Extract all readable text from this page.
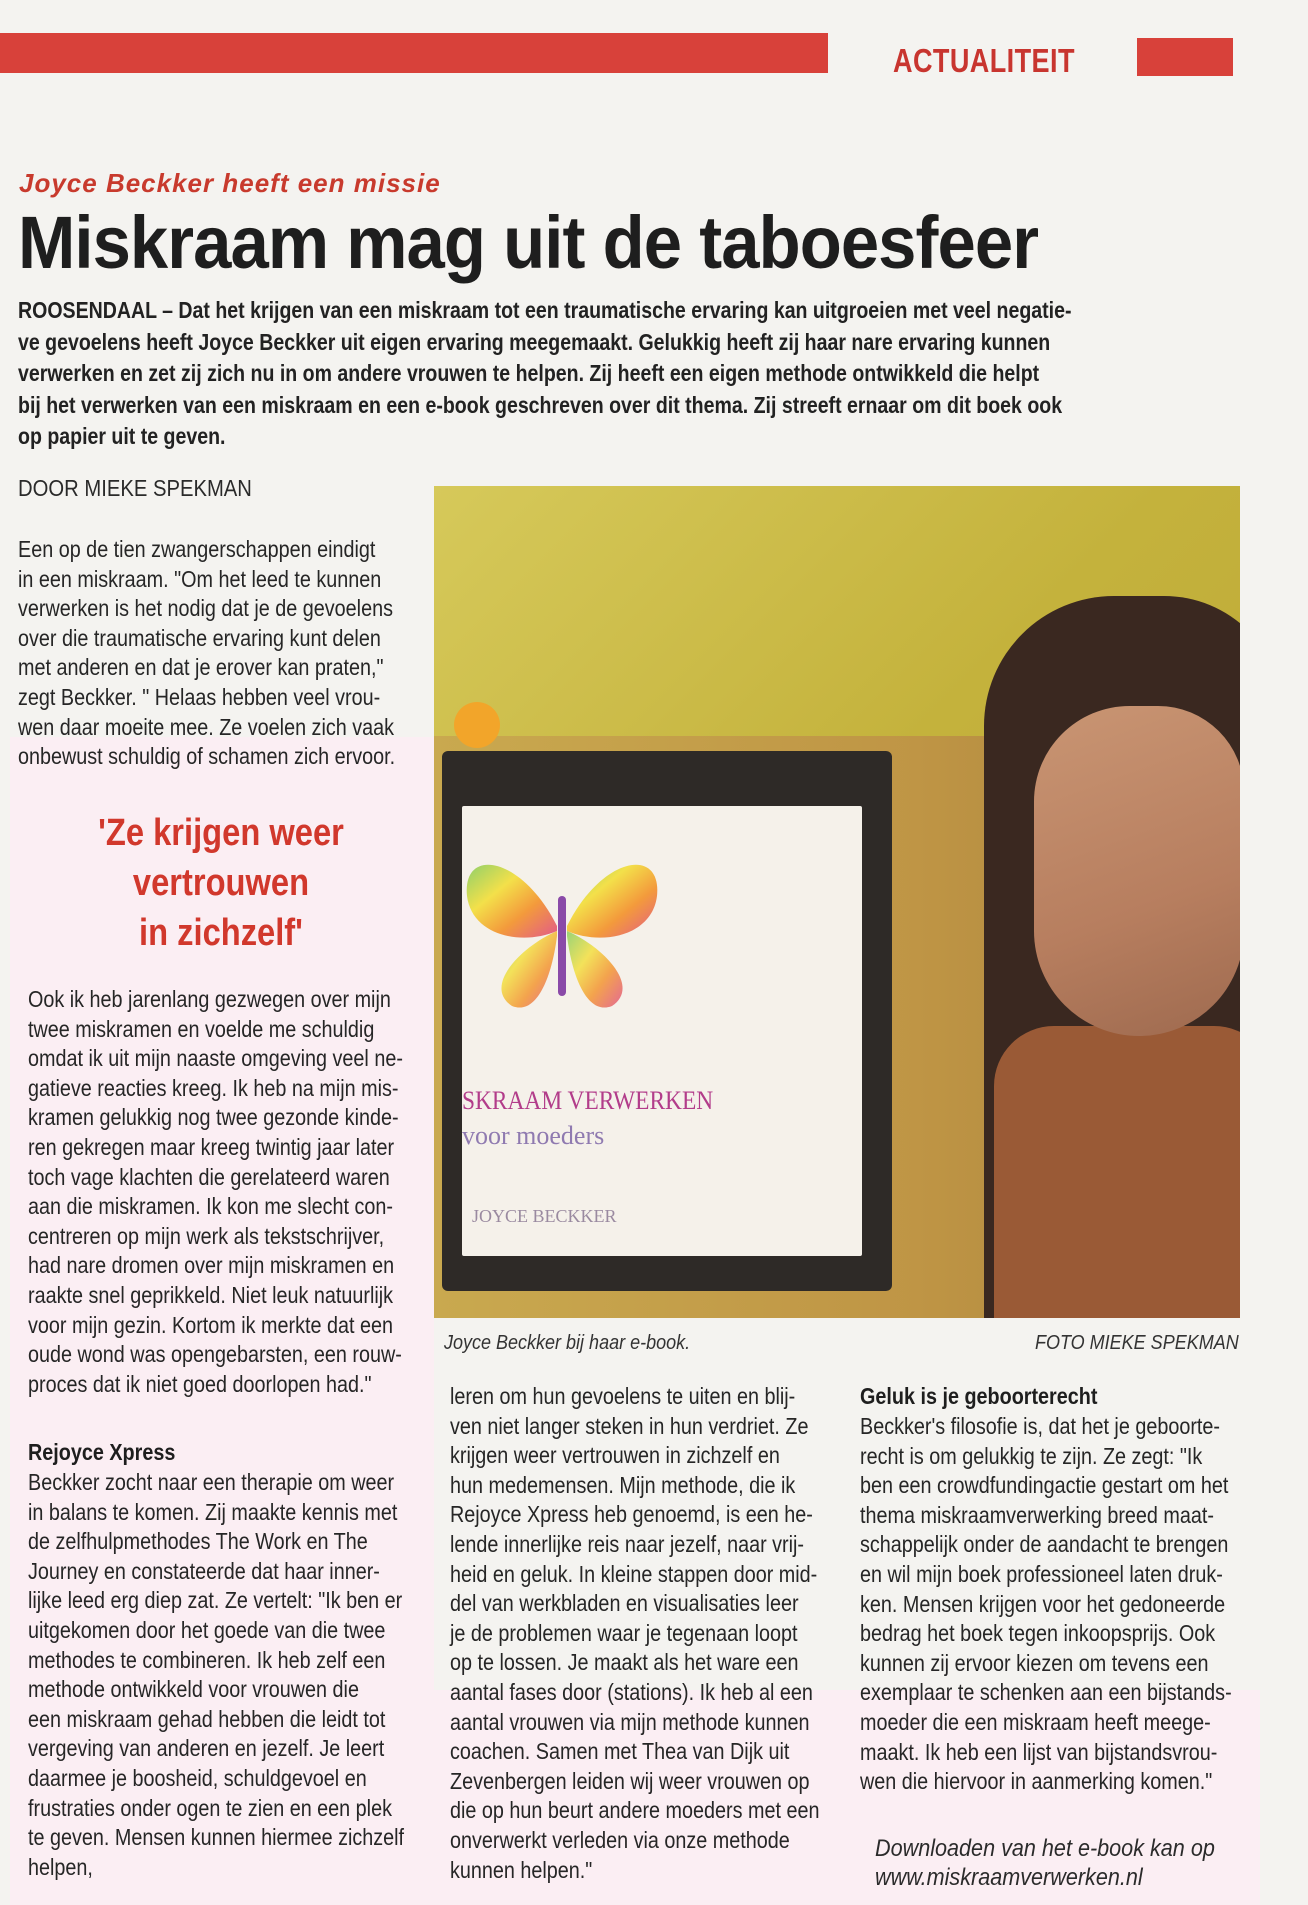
ACTUALITEIT
Joyce Beckker heeft een missie
Miskraam mag uit de taboesfeer
ROOSENDAAL – Dat het krijgen van een miskraam tot een traumatische ervaring kan uitgroeien met veel negatie-
ve gevoelens heeft Joyce Beckker uit eigen ervaring meegemaakt. Gelukkig heeft zij haar nare ervaring kunnen
verwerken en zet zij zich nu in om andere vrouwen te helpen. Zij heeft een eigen methode ontwikkeld die helpt
bij het verwerken van een miskraam en een e-book geschreven over dit thema. Zij streeft ernaar om dit boek ook
op papier uit te geven.
DOOR MIEKE SPEKMAN
Een op de tien zwangerschappen eindigt
in een miskraam. "Om het leed te kunnen
verwerken is het nodig dat je de gevoelens
over die traumatische ervaring kunt delen
met anderen en dat je erover kan praten,"
zegt Beckker. " Helaas hebben veel vrou-
wen daar moeite mee. Ze voelen zich vaak
onbewust schuldig of schamen zich ervoor.
'Ze krijgen weer
vertrouwen
in zichzelf'
Ook ik heb jarenlang gezwegen over mijn
twee miskramen en voelde me schuldig
omdat ik uit mijn naaste omgeving veel ne-
gatieve reacties kreeg. Ik heb na mijn mis-
kramen gelukkig nog twee gezonde kinde-
ren gekregen maar kreeg twintig jaar later
toch vage klachten die gerelateerd waren
aan die miskramen. Ik kon me slecht con-
centreren op mijn werk als tekstschrijver,
had nare dromen over mijn miskramen en
raakte snel geprikkeld. Niet leuk natuurlijk
voor mijn gezin. Kortom ik merkte dat een
oude wond was opengebarsten, een rouw-
proces dat ik niet goed doorlopen had."
Rejoyce Xpress
Beckker zocht naar een therapie om weer
in balans te komen. Zij maakte kennis met
de zelfhulpmethodes The Work en The
Journey en constateerde dat haar inner-
lijke leed erg diep zat. Ze vertelt: "Ik ben er
uitgekomen door het goede van die twee
methodes te combineren. Ik heb zelf een
methode ontwikkeld voor vrouwen die
een miskraam gehad hebben die leidt tot
vergeving van anderen en jezelf. Je leert
daarmee je boosheid, schuldgevoel en
frustraties onder ogen te zien en een plek
te geven. Mensen kunnen hiermee zichzelf
helpen,
SKRAAM VERWERKEN
voor moeders
JOYCE BECKKER
Joyce Beckker bij haar e-book.	FOTO MIEKE SPEKMAN
leren om hun gevoelens te uiten en blij-
ven niet langer steken in hun verdriet. Ze
krijgen weer vertrouwen in zichzelf en
hun medemensen. Mijn methode, die ik
Rejoyce Xpress heb genoemd, is een he-
lende innerlijke reis naar jezelf, naar vrij-
heid en geluk. In kleine stappen door mid-
del van werkbladen en visualisaties leer
je de problemen waar je tegenaan loopt
op te lossen. Je maakt als het ware een
aantal fases door (stations). Ik heb al een
aantal vrouwen via mijn methode kunnen
coachen. Samen met Thea van Dijk uit
Zevenbergen leiden wij weer vrouwen op
die op hun beurt andere moeders met een
onverwerkt verleden via onze methode
kunnen helpen."
Geluk is je geboorterecht
Beckker's filosofie is, dat het je geboorte-
recht is om gelukkig te zijn. Ze zegt: "Ik
ben een crowdfundingactie gestart om het
thema miskraamverwerking breed maat-
schappelijk onder de aandacht te brengen
en wil mijn boek professioneel laten druk-
ken. Mensen krijgen voor het gedoneerde
bedrag het boek tegen inkoopsprijs. Ook
kunnen zij ervoor kiezen om tevens een
exemplaar te schenken aan een bijstands-
moeder die een miskraam heeft meege-
maakt. Ik heb een lijst van bijstandsvrou-
wen die hiervoor in aanmerking komen."
Downloaden van het e-book kan op
www.miskraamverwerken.nl
